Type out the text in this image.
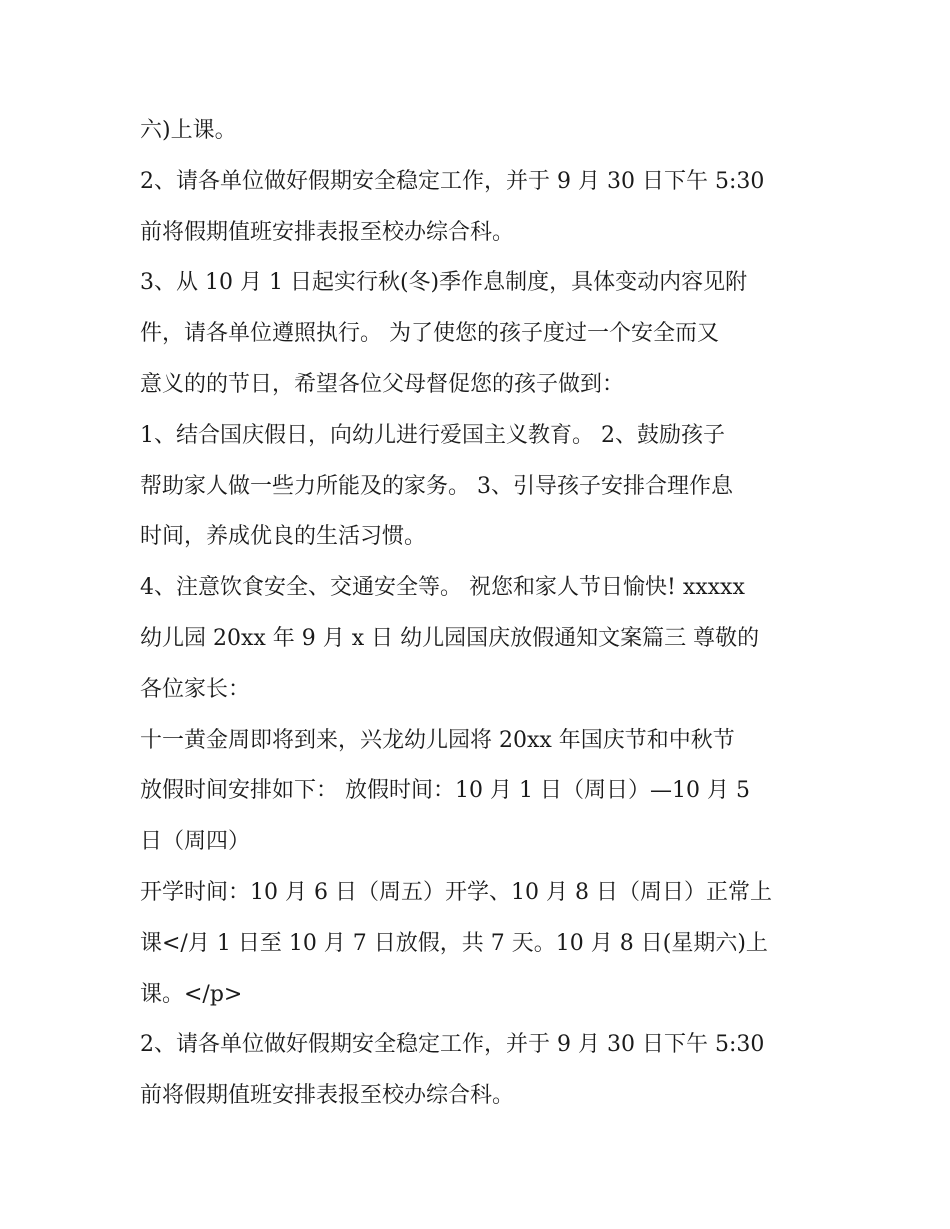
六)上课。

2、请各单位做好假期安全稳定工作，并于 9 月 30 日下午 5:30

前将假期值班安排表报至校办综合科。

3、从 10 月 1 日起实行秋(冬)季作息制度，具体变动内容见附

件，请各单位遵照执行。 为了使您的孩子度过一个安全而又

意义的的节日，希望各位父母督促您的孩子做到：

1、结合国庆假日，向幼儿进行爱国主义教育。 2、鼓励孩子

帮助家人做一些力所能及的家务。 3、引导孩子安排合理作息

时间，养成优良的生活习惯。

4、注意饮食安全、交通安全等。 祝您和家人节日愉快! xxxxx

幼儿园 20xx 年 9 月 x 日 幼儿园国庆放假通知文案篇三 尊敬的

各位家长：

十一黄金周即将到来，兴龙幼儿园将 20xx 年国庆节和中秋节

放假时间安排如下： 放假时间：10 月 1 日（周日）—10 月 5

日（周四）

开学时间：10 月 6 日（周五）开学、10 月 8 日（周日）正常上

课</月 1 日至 10 月 7 日放假，共 7 天。10 月 8 日(星期六)上

课。</p>

2、请各单位做好假期安全稳定工作，并于 9 月 30 日下午 5:30

前将假期值班安排表报至校办综合科。
